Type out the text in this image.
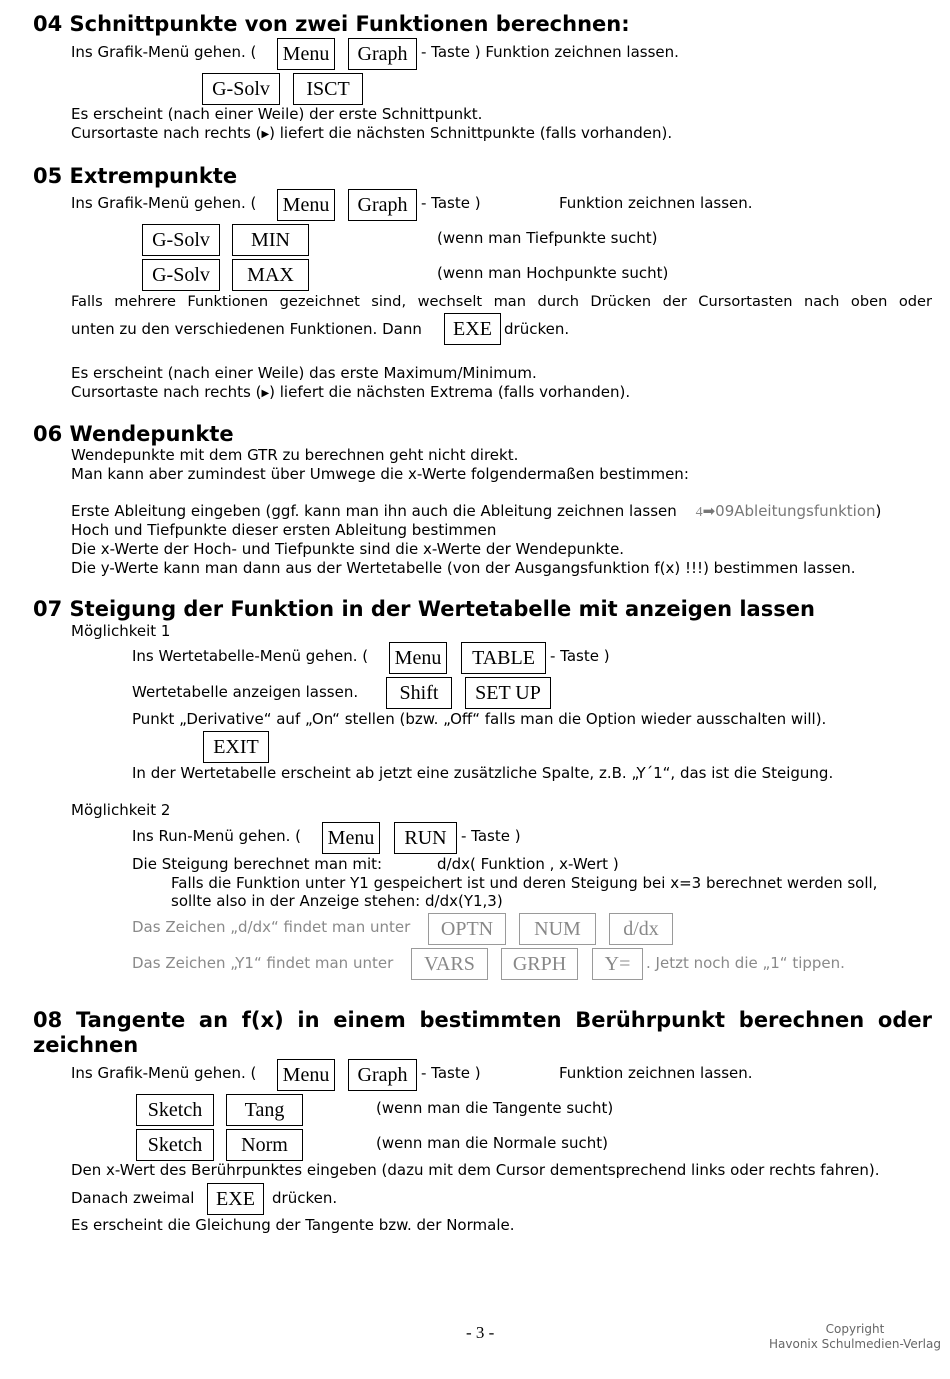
04 Schnittpunkte von zwei Funktionen berechnen:
Ins Grafik-Menü gehen. ( Menu	Graph - Taste ) Funktion zeichnen lassen.
G-Solv	ISCT
Es erscheint (nach einer Weile) der erste Schnittpunkt.
Cursortaste nach rechts (▶) liefert die nächsten Schnittpunkte (falls vorhanden).
05 Extrempunkte
Ins Grafik-Menü gehen. ( Menu	Graph - Taste )	Funktion zeichnen lassen.
G-Solv	MIN	(wenn man Tiefpunkte sucht)
G-Solv	MAX	(wenn man Hochpunkte sucht)
Falls mehrere Funktionen gezeichnet sind, wechselt man durch Drücken der Cursortasten nach oben oder
unten zu den verschiedenen Funktionen. Dann	EXE drücken.
Es erscheint (nach einer Weile) das erste Maximum/Minimum.
Cursortaste nach rechts (▶) liefert die nächsten Extrema (falls vorhanden).
06 Wendepunkte
Wendepunkte mit dem GTR zu berechnen geht nicht direkt.
Man kann aber zumindest über Umwege die x-Werte folgendermaßen bestimmen:
Erste Ableitung eingeben (ggf. kann man ihn auch die Ableitung zeichnen lassen 4➡09Ableitungsfunktion)
Hoch und Tiefpunkte dieser ersten Ableitung bestimmen
Die x-Werte der Hoch- und Tiefpunkte sind die x-Werte der Wendepunkte.
Die y-Werte kann man dann aus der Wertetabelle (von der Ausgangsfunktion f(x) !!!) bestimmen lassen.
07 Steigung der Funktion in der Wertetabelle mit anzeigen lassen
Möglichkeit 1
Ins Wertetabelle-Menü gehen. ( Menu	TABLE	- Taste )
Wertetabelle anzeigen lassen.	Shift	SET UP
Punkt „Derivative“ auf „On“ stellen (bzw. „Off“ falls man die Option wieder ausschalten will).
EXIT
In der Wertetabelle erscheint ab jetzt eine zusätzliche Spalte, z.B. „Y´1“, das ist die Steigung.
Möglichkeit 2
Ins Run-Menü gehen. ( Menu	RUN - Taste )
Die Steigung berechnet man mit:	d/dx( Funktion , x-Wert )
Falls die Funktion unter Y1 gespeichert ist und deren Steigung bei x=3 berechnet werden soll,
sollte also in der Anzeige stehen: d/dx(Y1,3)
Das Zeichen „d/dx“ findet man unter	OPTN	NUM	d/dx
Das Zeichen „Y1“ findet man unter	VARS	GRPH	Y=	. Jetzt noch die „1“ tippen.
08 Tangente an f(x) in einem bestimmten Berührpunkt berechnen oder
zeichnen
Ins Grafik-Menü gehen. ( Menu	Graph - Taste )	Funktion zeichnen lassen.
Sketch	Tang	(wenn man die Tangente sucht)
Sketch	Norm	(wenn man die Normale sucht)
Den x-Wert des Berührpunktes eingeben (dazu mit dem Cursor dementsprechend links oder rechts fahren).
Danach zweimal	EXE	drücken.
Es erscheint die Gleichung der Tangente bzw. der Normale.
- 3 -	Copyright
Havonix Schulmedien-Verlag
